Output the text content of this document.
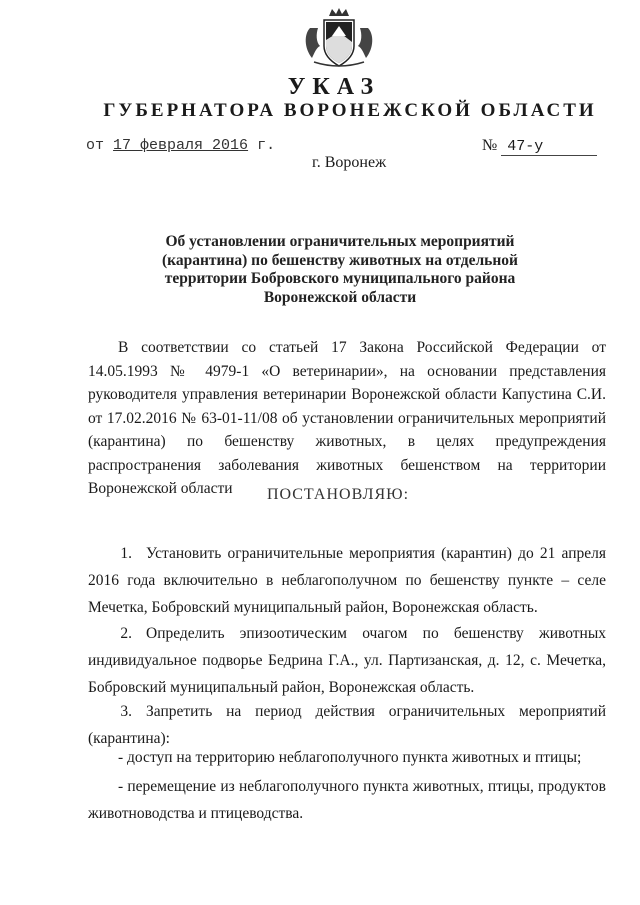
УКАЗ
ГУБЕРНАТОРА ВОРОНЕЖСКОЙ ОБЛАСТИ
от 17 февраля 2016 г.	№ 47-у
г. Воронеж
Об установлении ограничительных мероприятий (карантина) по бешенству животных на отдельной территории Бобровского муниципального района Воронежской области
В соответствии со статьей 17 Закона Российской Федерации от 14.05.1993 № 4979-1 «О ветеринарии», на основании представления руководителя управления ветеринарии Воронежской области Капустина С.И. от 17.02.2016 № 63-01-11/08 об установлении ограничительных мероприятий (карантина) по бешенству животных, в целях предупреждения распространения заболевания животных бешенством на территории Воронежской области	ПОСТАНОВЛЯЮ:
1. Установить ограничительные мероприятия (карантин) до 21 апреля 2016 года включительно в неблагополучном по бешенству пункте – селе Мечетка, Бобровский муниципальный район, Воронежская область.
2. Определить эпизоотическим очагом по бешенству животных индивидуальное подворье Бедрина Г.А., ул. Партизанская, д. 12, с. Мечетка, Бобровский муниципальный район, Воронежская область.
3. Запретить на период действия ограничительных мероприятий (карантина):
- доступ на территорию неблагополучного пункта животных и птицы;
- перемещение из неблагополучного пункта животных, птицы, продуктов животноводства и птицеводства.
